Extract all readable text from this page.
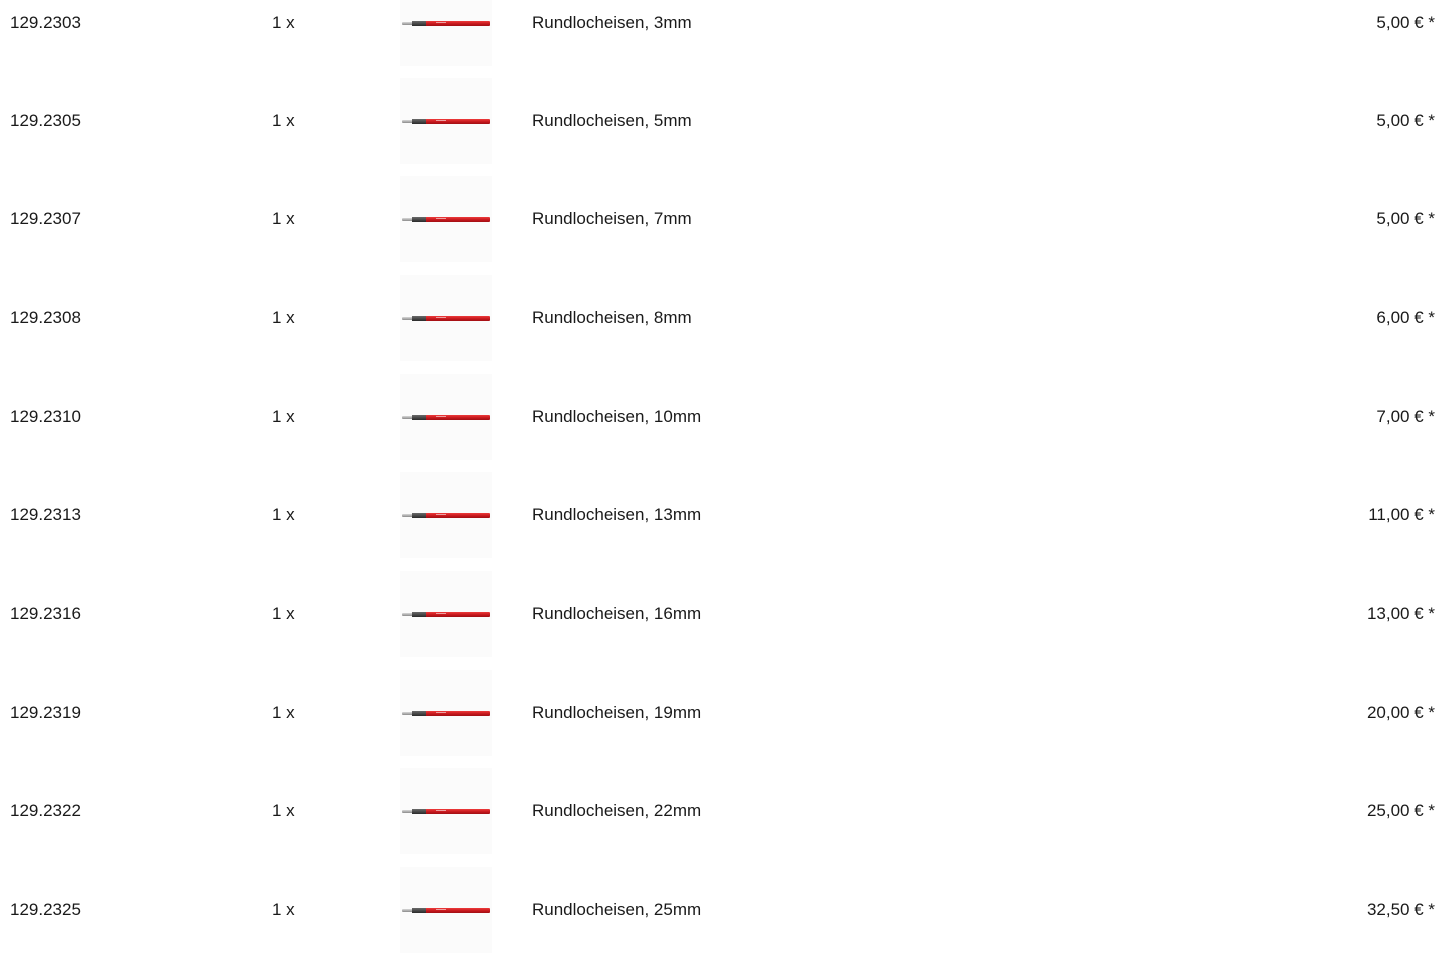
129.2303	1 x	Rundlocheisen, 3mm	5,00 € *
129.2305	1 x	Rundlocheisen, 5mm	5,00 € *
129.2307	1 x	Rundlocheisen, 7mm	5,00 € *
129.2308	1 x	Rundlocheisen, 8mm	6,00 € *
129.2310	1 x	Rundlocheisen, 10mm	7,00 € *
129.2313	1 x	Rundlocheisen, 13mm	11,00 € *
129.2316	1 x	Rundlocheisen, 16mm	13,00 € *
129.2319	1 x	Rundlocheisen, 19mm	20,00 € *
129.2322	1 x	Rundlocheisen, 22mm	25,00 € *
129.2325	1 x	Rundlocheisen, 25mm	32,50 € *
